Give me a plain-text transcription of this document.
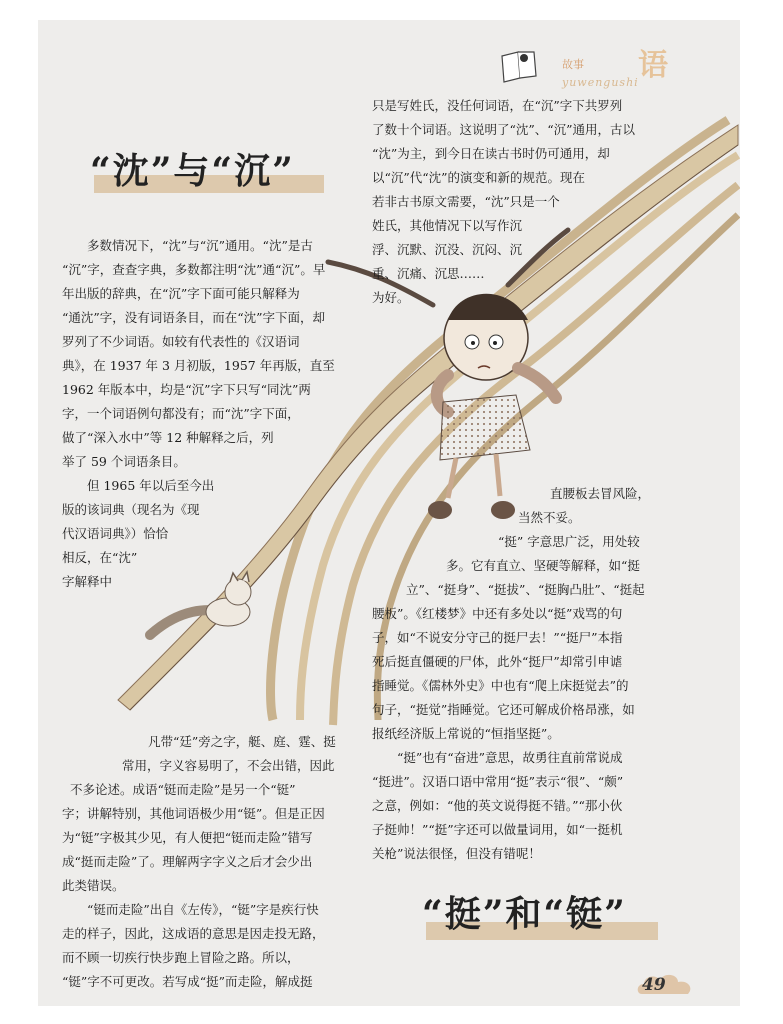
故事 语
yuwengushi
“沈”与“沉”

只是写姓氏，没任何词语，在“沉”字下共罗列

了数十个词语。这说明了“沈”、“沉”通用，古以

“沈”为主，到今日在读古书时仍可通用，却

以“沉”代“沈”的演变和新的规范。现在

若非古书原文需要，“沈”只是一个

姓氏，其他情况下以写作沉

浮、沉默、沉没、沉闷、沉

重、沉痛、沉思……

为好。

多数情况下，“沈”与“沉”通用。“沈”是古

“沉”字，查查字典，多数都注明“沈”通“沉”。早

年出版的辞典，在“沉”字下面可能只解释为

“通沈”字，没有词语条目，而在“沈”字下面，却

罗列了不少词语。如较有代表性的《汉语词

典》，在 1937 年 3 月初版，1957 年再版，直至

1962 年版本中，均是“沉”字下只写“同沈”两

字，一个词语例句都没有；而“沈”字下面，

做了“深入水中”等 12 种解释之后，列

举了 59 个词语条目。

但 1965 年以后至今出

版的该词典（现名为《现

代汉语词典》）恰恰

相反，在“沈”

字解释中

直腰板去冒风险，

当然不妥。

“挺” 字意思广泛，用处较

多。它有直立、坚硬等解释，如“挺

立”、“挺身”、“挺拔”、“挺胸凸肚”、“挺起

腰板”。《红楼梦》中还有多处以“挺”戏骂的句

子，如“不说安分守己的挺尸去！”“挺尸”本指

死后挺直僵硬的尸体，此外“挺尸”却常引申谑

指睡觉。《儒林外史》中也有“爬上床挺觉去”的

句子，“挺觉”指睡觉。它还可解成价格昂涨，如

报纸经济版上常说的“恒指坚挺”。

“挺”也有“奋进”意思，故勇往直前常说成

“挺进”。汉语口语中常用“挺”表示“很”、“颇”

之意，例如：“他的英文说得挺不错。”“那小伙

子挺帅！”“挺”字还可以做量词用，如“一挺机

关枪”说法很怪，但没有错呢！

凡带“廷”旁之字，艇、庭、霆、挺

常用，字义容易明了，不会出错，因此

不多论述。成语“铤而走险”是另一个“铤”

字；讲解特别，其他词语极少用“铤”。但是正因

为“铤”字极其少见，有人便把“铤而走险”错写

成“挺而走险”了。理解两字字义之后才会少出

此类错误。

“铤而走险”出自《左传》，“铤”字是疾行快

走的样子，因此，这成语的意思是因走投无路，

而不顾一切疾行快步跑上冒险之路。所以，

“铤”字不可更改。若写成“挺”而走险，解成挺

“挺”和“铤”
49
